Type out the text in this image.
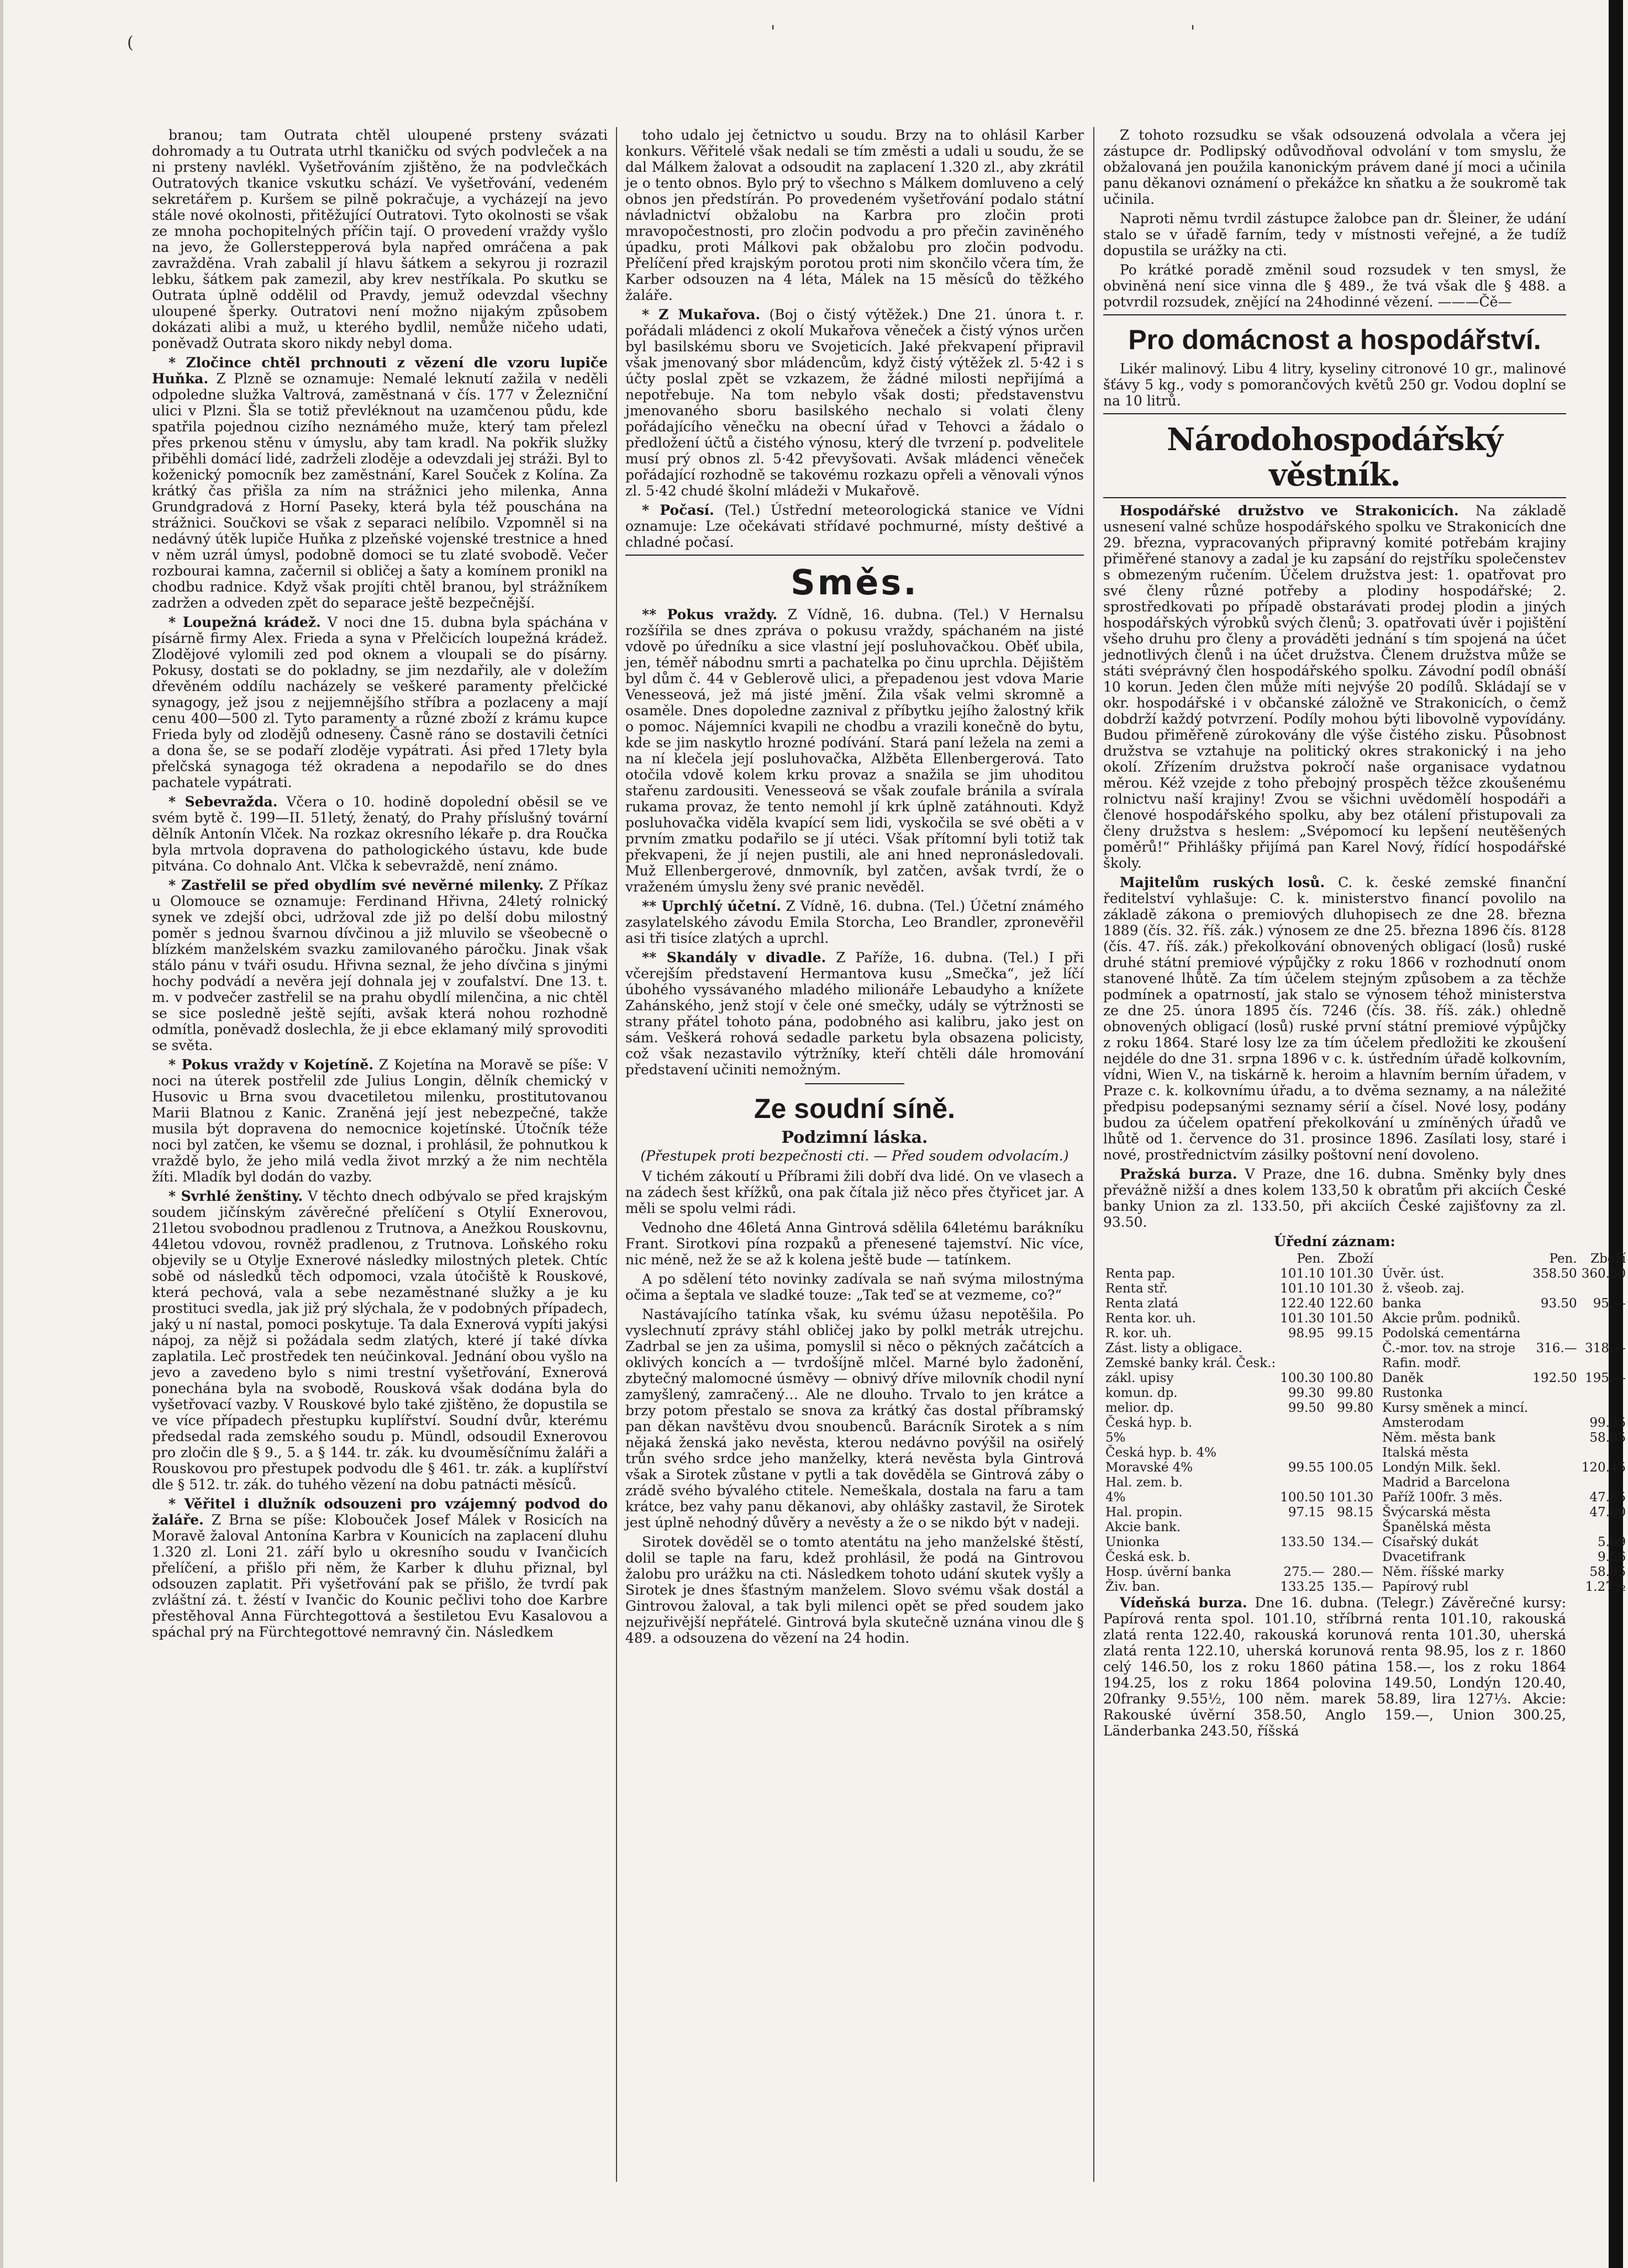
(
'	'

branou; tam Outrata chtěl uloupené prsteny svázati dohromady a tu Outrata utrhl tkaničku od svých podvleček a na ni prsteny navlékl. Vyšetřováním zjištěno, že na podvlečkách Outratových tkanice vskutku schází. Ve vyšetřování, vedeném sekretářem p. Kuršem se pilně pokračuje, a vycházejí na jevo stále nové okolnosti, přitěžující Outratovi. Tyto okolnosti se však ze mnoha pochopitelných příčin tají. O provedení vraždy vyšlo na jevo, že Gollerstepperová byla napřed omráčena a pak zavražděna. Vrah zabalil jí hlavu šátkem a sekyrou ji rozrazil lebku, šátkem pak zamezil, aby krev nestříkala. Po skutku se Outrata úplně oddělil od Pravdy, jemuž odevzdal všechny uloupené šperky. Outratovi není možno nijakým způsobem dokázati alibi a muž, u kterého bydlil, nemůže ničeho udati, poněvadž Outrata skoro nikdy nebyl doma.

* Zločince chtěl prchnouti z vězení dle vzoru lupiče Huňka. Z Plzně se oznamuje: Nemalé leknutí zažila v neděli odpoledne služka Valtrová, zaměstnaná v čís. 177 v Železniční ulici v Plzni. Šla se totiž převléknout na uzamčenou půdu, kde spatřila pojednou cizího neznámého muže, který tam přelezl přes prkenou stěnu v úmyslu, aby tam kradl. Na pokřik služky přiběhli domácí lidé, zadrželi zloděje a odevzdali jej stráži. Byl to koženický pomocník bez zaměstnání, Karel Souček z Kolína. Za krátký čas přišla za ním na strážnici jeho milenka, Anna Grundgradová z Horní Paseky, která byla též pouschána na strážnici. Součkovi se však z separaci nelíbilo. Vzpomněl si na nedávný útěk lupiče Huňka z plzeňské vojenské trestnice a hned v něm uzrál úmysl, podobně domoci se tu zlaté svobodě. Večer rozbourai kamna, začernil si obličej a šaty a komínem pronikl na chodbu radnice. Když však projíti chtěl branou, byl strážníkem zadržen a odveden zpět do separace ještě bezpečnější.

* Loupežná krádež. V noci dne 15. dubna byla spáchána v písárně firmy Alex. Frieda a syna v Přelčicích loupežná krádež. Zlodějové vylomili zed pod oknem a vloupali se do písárny. Pokusy, dostati se do pokladny, se jim nezdařily, ale v doležím dřevěném oddílu nacházely se veškeré paramenty přelčické synagogy, jež jsou z nejjemnějšího stříbra a pozlaceny a mají cenu 400—500 zl. Tyto paramenty a různé zboží z krámu kupce Frieda byly od zlodějů odneseny. Časně ráno se dostavili četníci a dona še, se se podaří zloděje vypátrati. Ási před 17lety byla přelčská synagoga též okradena a nepodařilo se do dnes pachatele vypátrati.

* Sebevražda. Včera o 10. hodině dopolední oběsil se ve svém bytě č. 199—II. 51letý, ženatý, do Prahy příslušný tovární dělník Antonín Vlček. Na rozkaz okresního lékaře p. dra Roučka byla mrtvola dopravena do pathologického ústavu, kde bude pitvána. Co dohnalo Ant. Vlčka k sebevraždě, není známo.

* Zastřelil se před obydlím své nevěrné milenky. Z Příkaz u Olomouce se oznamuje: Ferdinand Hřivna, 24letý rolnický synek ve zdejší obci, udržoval zde již po delší dobu milostný poměr s jednou švarnou dívčinou a již mluvilo se všeobecně o blízkém manželském svazku zamilovaného páročku. Jinak však stálo pánu v tváři osudu. Hřivna seznal, že jeho dívčina s jinými hochy podvádí a nevěra její dohnala jej v zoufalství. Dne 13. t. m. v podvečer zastřelil se na prahu obydlí milenčina, a nic chtěl se sice posledně ještě sejíti, avšak která nohou rozhodně odmítla, poněvadž doslechla, že ji ebce eklamaný milý sprovoditi se světa.

* Pokus vraždy v Kojetíně. Z Kojetína na Moravě se píše: V noci na úterek postřelil zde Julius Longin, dělník chemický v Husovic u Brna svou dvacetiletou milenku, prostitutovanou Marii Blatnou z Kanic. Zraněná její jest nebezpečné, takže musila být dopravena do nemocnice kojetínské. Útočník téže noci byl zatčen, ke všemu se doznal, i prohlásil, že pohnutkou k vraždě bylo, že jeho milá vedla život mrzký a že nim nechtěla žíti. Mladík byl dodán do vazby.

* Svrhlé ženštiny. V těchto dnech odbývalo se před krajským soudem jičínským závěrečné přelíčení s Otylií Exnerovou, 21letou svobodnou pradlenou z Trutnova, a Anežkou Rouskovnu, 44letou vdovou, rovněž pradlenou, z Trutnova. Loňského roku objevily se u Otylje Exnerové následky milostných pletek. Chtíc sobě od následků těch odpomoci, vzala útočiště k Rouskové, která pechová, vala a sebe nezaměstnané služky a je ku prostituci svedla, jak již prý slýchala, že v podobných případech, jaký u ní nastal, pomoci poskytuje. Ta dala Exnerová vypíti jakýsi nápoj, za nějž si požádala sedm zlatých, které jí také dívka zaplatila. Leč prostředek ten neúčinkoval. Jednání obou vyšlo na jevo a zavedeno bylo s nimi trestní vyšetřování, Exnerová ponechána byla na svobodě, Rousková však dodána byla do vyšetřovací vazby. V Rouskové bylo také zjištěno, že dopustila se ve více případech přestupku kuplířství. Soudní dvůr, kterému předsedal rada zemského soudu p. Mündl, odsoudil Exnerovou pro zločin dle § 9., 5. a § 144. tr. zák. ku dvouměsíčnímu žaláři a Rouskovou pro přestupek podvodu dle § 461. tr. zák. a kuplířství dle § 512. tr. zák. do tuhého vězení na dobu patnácti měsíců.

* Věřitel i dlužník odsouzeni pro vzájemný podvod do žaláře. Z Brna se píše: Klobouček Josef Málek v Rosicích na Moravě žaloval Antonína Karbra v Kounicích na zaplacení dluhu 1.320 zl. Loni 21. září bylo u okresního soudu v Ivančicích přelíčení, a přišlo při něm, že Karber k dluhu přiznal, byl odsouzen zaplatit. Při vyšetřování pak se přišlo, že tvrdí pak zvláštní zá. t. žéstí v Ivančic do Kounic pečlivi toho doe Karbre přestěhoval Anna Fürchtegottová a šestiletou Evu Kasalovou a spáchal prý na Fürchtegottové nemravný čin. Následkem

toho udalo jej četnictvo u soudu. Brzy na to ohlásil Karber konkurs. Věřitelé však nedali se tím změsti a udali u soudu, že se dal Málkem žalovat a odsoudit na zaplacení 1.320 zl., aby zkrátil je o tento obnos. Bylo prý to všechno s Málkem domluveno a celý obnos jen předstírán. Po provedeném vyšetřování podalo státní návladnictví obžalobu na Karbra pro zločin proti mravopočestnosti, pro zločin podvodu a pro přečin zaviněného úpadku, proti Málkovi pak obžalobu pro zločin podvodu. Přelíčení před krajským porotou proti nim skončilo včera tím, že Karber odsouzen na 4 léta, Málek na 15 měsíců do těžkého žaláře.

* Z Mukařova. (Boj o čistý výtěžek.) Dne 21. února t. r. pořádali mládenci z okolí Mukařova věneček a čistý výnos určen byl basilskému sboru ve Svojeticích. Jaké překvapení připravil však jmenovaný sbor mládencům, když čistý výtěžek zl. 5·42 i s účty poslal zpět se vzkazem, že žádné milosti nepřijímá a nepotřebuje. Na tom nebylo však dosti; představenstvu jmenovaného sboru basilského nechalo si volati členy pořádajícího věnečku na obecní úřad v Tehovci a žádalo o předložení účtů a čistého výnosu, který dle tvrzení p. podvelitele musí prý obnos zl. 5·42 převyšovati. Avšak mládenci věneček pořádající rozhodně se takovému rozkazu opřeli a věnovali výnos zl. 5·42 chudé školní mládeži v Mukařově.

* Počasí. (Tel.) Ústřední meteorologická stanice ve Vídni oznamuje: Lze očekávati střídavé pochmurné, místy deštivé a chladné počasí.

Směs.

** Pokus vraždy. Z Vídně, 16. dubna. (Tel.) V Hernalsu rozšířila se dnes zpráva o pokusu vraždy, spáchaném na jisté vdově po úředníku a sice vlastní její posluhovačkou. Oběť ubila, jen, téměř nábodnu smrti a pachatelka po činu uprchla. Dějištěm byl dům č. 44 v Geblerově ulici, a přepadenou jest vdova Marie Venesseová, jež má jisté jmění. Žila však velmi skromně a osaměle. Dnes dopoledne zaznival z příbytku jejího žalostný křik o pomoc. Nájemníci kvapili ne chodbu a vrazili konečně do bytu, kde se jim naskytlo hrozné podívání. Stará paní ležela na zemi a na ní klečela její posluhovačka, Alžběta Ellenbergerová. Tato otočila vdově kolem krku provaz a snažila se jim uhoditou stařenu zardousiti. Venesseová se však zoufale bránila a svírala rukama provaz, že tento nemohl jí krk úplně zatáhnouti. Když posluhovačka viděla kvapící sem lidi, vyskočila se své oběti a v prvním zmatku podařilo se jí utéci. Však přítomní byli totiž tak překvapeni, že jí nejen pustili, ale ani hned nepronásledovali. Muž Ellenbergerové, dnmovník, byl zatčen, avšak tvrdí, že o vraženém úmyslu ženy své pranic nevěděl.

** Uprchlý účetní. Z Vídně, 16. dubna. (Tel.) Účetní známého zasylatelského závodu Emila Storcha, Leo Brandler, zpronevěřil asi tři tisíce zlatých a uprchl.

** Skandály v divadle. Z Paříže, 16. dubna. (Tel.) I při včerejším představení Hermantova kusu „Smečka“, jež líčí úbohého vyssávaného mladého milionáře Lebaudyho a knížete Zahánského, jenž stojí v čele oné smečky, udály se výtržnosti se strany přátel tohoto pána, podobného asi kalibru, jako jest on sám. Veškerá rohová sedadle parketu byla obsazena policisty, což však nezastavilo výtržníky, kteří chtěli dále hromování představení učiniti nemožným.

Ze soudní síně.
Podzimní láska.
(Přestupek proti bezpečnosti cti. — Před soudem odvolacím.)

V tichém zákoutí u Příbrami žili dobří dva lidé. On ve vlasech a na zádech šest křížků, ona pak čítala již něco přes čtyřicet jar. A měli se spolu velmi rádi.

Vednoho dne 46letá Anna Gintrová sdělila 64letému barákníku Frant. Sirotkovi pína rozpaků a přenesené tajemství. Nic více, nic méně, než že se až k kolena ještě bude — tatínkem.

A po sdělení této novinky zadívala se naň svýma milostnýma očima a šeptala ve sladké touze: „Tak teď se at vezmeme, co?“

Nastávajícího tatínka však, ku svému úžasu nepotěšila. Po vyslechnutí zprávy stáhl obličej jako by polkl metrák utrejchu. Zadrbal se jen za ušima, pomyslil si něco o pěkných začátcích a oklivých koncích a — tvrdošíjně mlčel. Marné bylo žadonění, zbytečný malomocné úsměvy — obnivý dříve milovník chodil nyní zamyšlený, zamračený… Ale ne dlouho. Trvalo to jen krátce a brzy potom přestalo se snova za krátký čas dostal příbramský pan děkan navštěvu dvou snoubenců. Barácník Sirotek a s ním nějaká ženská jako nevěsta, kterou nedávno povýšil na osiřelý trůn svého srdce jeho manželky, která nevěsta byla Gintrová však a Sirotek zůstane v pytli a tak dověděla se Gintrová záby o zrádě svého bývalého ctitele. Nemeškala, dostala na faru a tam krátce, bez vahy panu děkanovi, aby ohlášky zastavil, že Sirotek jest úplně nehodný důvěry a nevěsty a že o se nikdo být v nadeji.

Sirotek dověděl se o tomto atentátu na jeho manželské štěstí, dolil se taple na faru, kdež prohlásil, že podá na Gintrovou žalobu pro urážku na cti. Následkem tohoto udání skutek vyšly a Sirotek je dnes šťastným manželem. Slovo svému však dostál a Gintrovou žaloval, a tak byli milenci opět se před soudem jako nejzuřivější nepřátelé. Gintrová byla skutečně uznána vinou dle § 489. a odsouzena do vězení na 24 hodin.

Z tohoto rozsudku se však odsouzená odvolala a včera jej zástupce dr. Podlipský odůvodňoval odvolání v tom smyslu, že obžalovaná jen použila kanonickým právem dané jí moci a učinila panu děkanovi oznámení o překážce kn sňatku a že soukromě tak učinila.

Naproti němu tvrdil zástupce žalobce pan dr. Šleiner, že udání stalo se v úřadě farním, tedy v místnosti veřejné, a že tudíž dopustila se urážky na cti.

Po krátké poradě změnil soud rozsudek v ten smysl, že obviněná není sice vinna dle § 489., že tvá však dle § 488. a potvrdil rozsudek, znějící na 24hodinné vězení. ———Čě—

Pro domácnost a hospodářství.

Likér malinový. Libu 4 litry, kyseliny citronové 10 gr., malinové šťávy 5 kg., vody s pomorančových květů 250 gr. Vodou doplní se na 10 litrů.

Národohospodářský věstník.

Hospodářské družstvo ve Strakonicích. Na základě usnesení valné schůze hospodářského spolku ve Strakonicích dne 29. března, vypracovaných připravný komité potřebám krajiny přiměřené stanovy a zadal je ku zapsání do rejstříku společenstev s obmezeným ručením. Účelem družstva jest: 1. opatřovat pro své členy různé potřeby a plodiny hospodářské; 2. sprostředkovati po případě obstarávati prodej plodin a jiných hospodářských výrobků svých členů; 3. opatřovati úvěr i pojištění všeho druhu pro členy a prováděti jednání s tím spojená na účet jednotlivých členů i na účet družstva. Členem družstva může se státi svéprávný člen hospodářského spolku. Závodní podíl obnáší 10 korun. Jeden člen může míti nejvýše 20 podílů. Skládají se v okr. hospodářské i v občanské záložně ve Strakonicích, o čemž dobdrží každý potvrzení. Podíly mohou býti libovolně vypovídány. Budou přiměřeně zúrokovány dle výše čistého zisku. Působnost družstva se vztahuje na politický okres strakonický i na jeho okolí. Zřízením družstva pokročí naše organisace vydatnou měrou. Kéž vzejde z toho přebojný prospěch těžce zkoušenému rolnictvu naší krajiny! Zvou se všichni uvědomělí hospodáři a členové hospodářského spolku, aby bez otálení přistupovali za členy družstva s heslem: „Svépomocí ku lepšení neutěšených poměrů!“ Přihlášky přijímá pan Karel Nový, řídící hospodářské školy.

Majitelům ruských losů. C. k. české zemské finanční ředitelství vyhlašuje: C. k. ministerstvo financí povolilo na základě zákona o premiových dluhopisech ze dne 28. března 1889 (čís. 32. říš. zák.) výnosem ze dne 25. března 1896 čís. 8128 (čís. 47. říš. zák.) překolkování obnovených obligací (losů) ruské druhé státní premiové výpůjčky z roku 1866 v rozhodnutí onom stanovené lhůtě. Za tím účelem stejným způsobem a za těchže podmínek a opatrností, jak stalo se výnosem téhož ministerstva ze dne 25. února 1895 čís. 7246 (čís. 38. říš. zák.) ohledně obnovených obligací (losů) ruské první státní premiové výpůjčky z roku 1864. Staré losy lze za tím účelem předložiti ke zkoušení nejdéle do dne 31. srpna 1896 v c. k. ústředním úřadě kolkovním, vídni, Wien V., na tiskárně k. heroim a hlavním berním úřadem, v Praze c. k. kolkovnímu úřadu, a to dvěma seznamy, a na náležité předpisu podepsanými seznamy sérií a čísel. Nové losy, podány budou za účelem opatření překolkování u zmíněných úřadů ve lhůtě od 1. července do 31. prosince 1896. Zasílati losy, staré i nové, prostřednictvím zásilky poštovní není dovoleno.

Pražská burza. V Praze, dne 16. dubna. Směnky byly dnes převážně nižší a dnes kolem 133,50 k obratům při akciích České banky Union za zl. 133.50, při akciích České zajišťovny za zl. 93.50.

Úřední záznam:
	Pen.	Zboží
Renta pap.	101.10	101.30
Renta stř.	101.10	101.30
Renta zlatá	122.40	122.60
Renta kor. uh.	101.30	101.50
R. kor. uh.	98.95	99.15
Zást. listy a obligace.		
Zemské banky král. Česk.:		
zákl. upisy	100.30	100.80
komun. dp.	99.30	99.80
melior. dp.	99.50	99.80
Česká hyp. b.		
5%		
Česká hyp. b. 4%		
Moravské 4%	99.55	100.05
Hal. zem. b.		
4%	100.50	101.30
Hal. propin.	97.15	98.15
Akcie bank.		
Unionka	133.50	134.—
Česká esk. b.		
Hosp. úvěrní banka	275.—	280.—
Živ. ban.	133.25	135.—
	Pen.	Zboží
Úvěr. úst.	358.50	360.50
ž. všeob. zaj.		
banka	93.50	95.—
Akcie prům. podniků.		
Podolská cementárna		
Č.-mor. tov. na stroje	316.—	318.—
Rafin. modř.		
Daněk	192.50	195.—
Rustonka		
Kursy směnek a mincí.		
Amsterodam		99.35
Něm. města bank		58.85
Italská města		
Londýn Milk. šekl.		120.45
Madrid a Barcelona		
Paříž 100fr. 3 měs.		47.85
Švýcarská města		47.60
Španělská města		
Císařský dukát		5.69
Dvacetifrank		9.56
Něm. říšské marky		58.85
Papírový rubl		1.27½

Vídeňská burza. Dne 16. dubna. (Telegr.) Závěrečné kursy: Papírová renta spol. 101.10, stříbrná renta 101.10, rakouská zlatá renta 122.40, rakouská korunová renta 101.30, uherská zlatá renta 122.10, uherská korunová renta 98.95, los z r. 1860 celý 146.50, los z roku 1860 pátina 158.—, los z roku 1864 194.25, los z roku 1864 polovina 149.50, Londýn 120.40, 20franky 9.55½, 100 něm. marek 58.89, lira 127⅓. Akcie: Rakouské úvěrní 358.50, Anglo 159.—, Union 300.25, Länderbanka 243.50, říšská
